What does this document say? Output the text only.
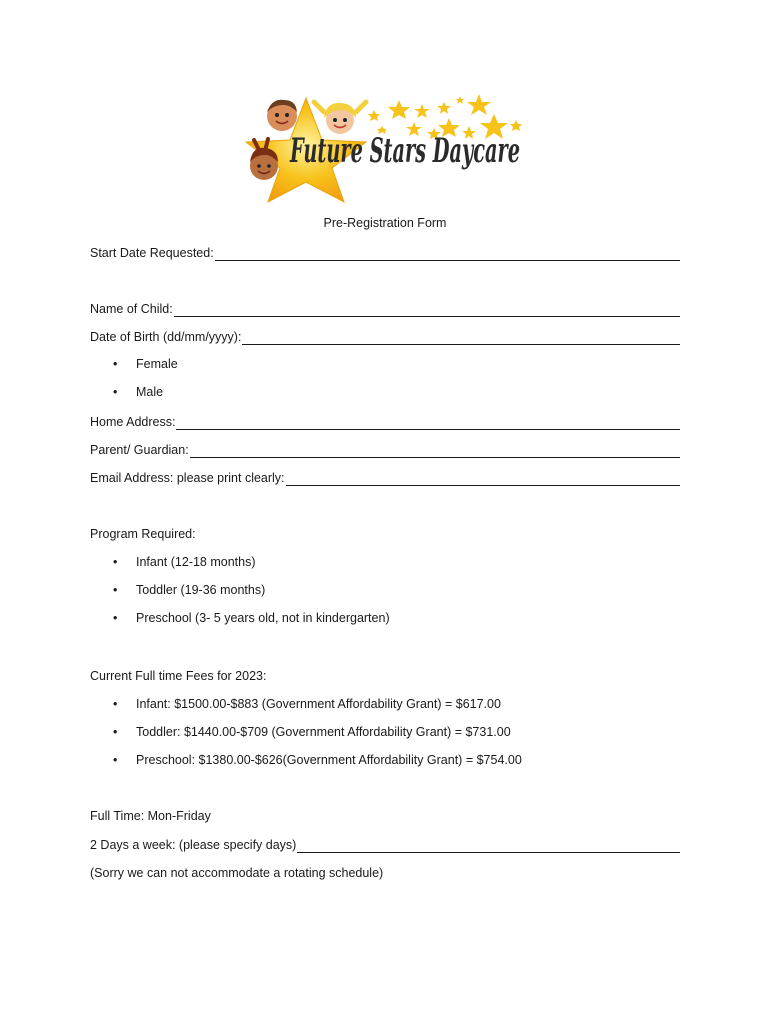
Future Stars Daycare
Pre-Registration Form
Start Date Requested:
Name of Child:
Date of Birth (dd/mm/yyyy):
• Female
• Male
Home Address:
Parent/ Guardian:
Email Address: please print clearly:
Program Required:
• Infant (12-18 months)
• Toddler (19-36 months)
• Preschool (3- 5 years old, not in kindergarten)
Current Full time Fees for 2023:
• Infant: $1500.00-$883 (Government Affordability Grant) = $617.00
• Toddler: $1440.00-$709 (Government Affordability Grant) = $731.00
• Preschool: $1380.00-$626(Government Affordability Grant) = $754.00
Full Time: Mon-Friday
2 Days a week: (please specify days)
(Sorry we can not accommodate a rotating schedule)
